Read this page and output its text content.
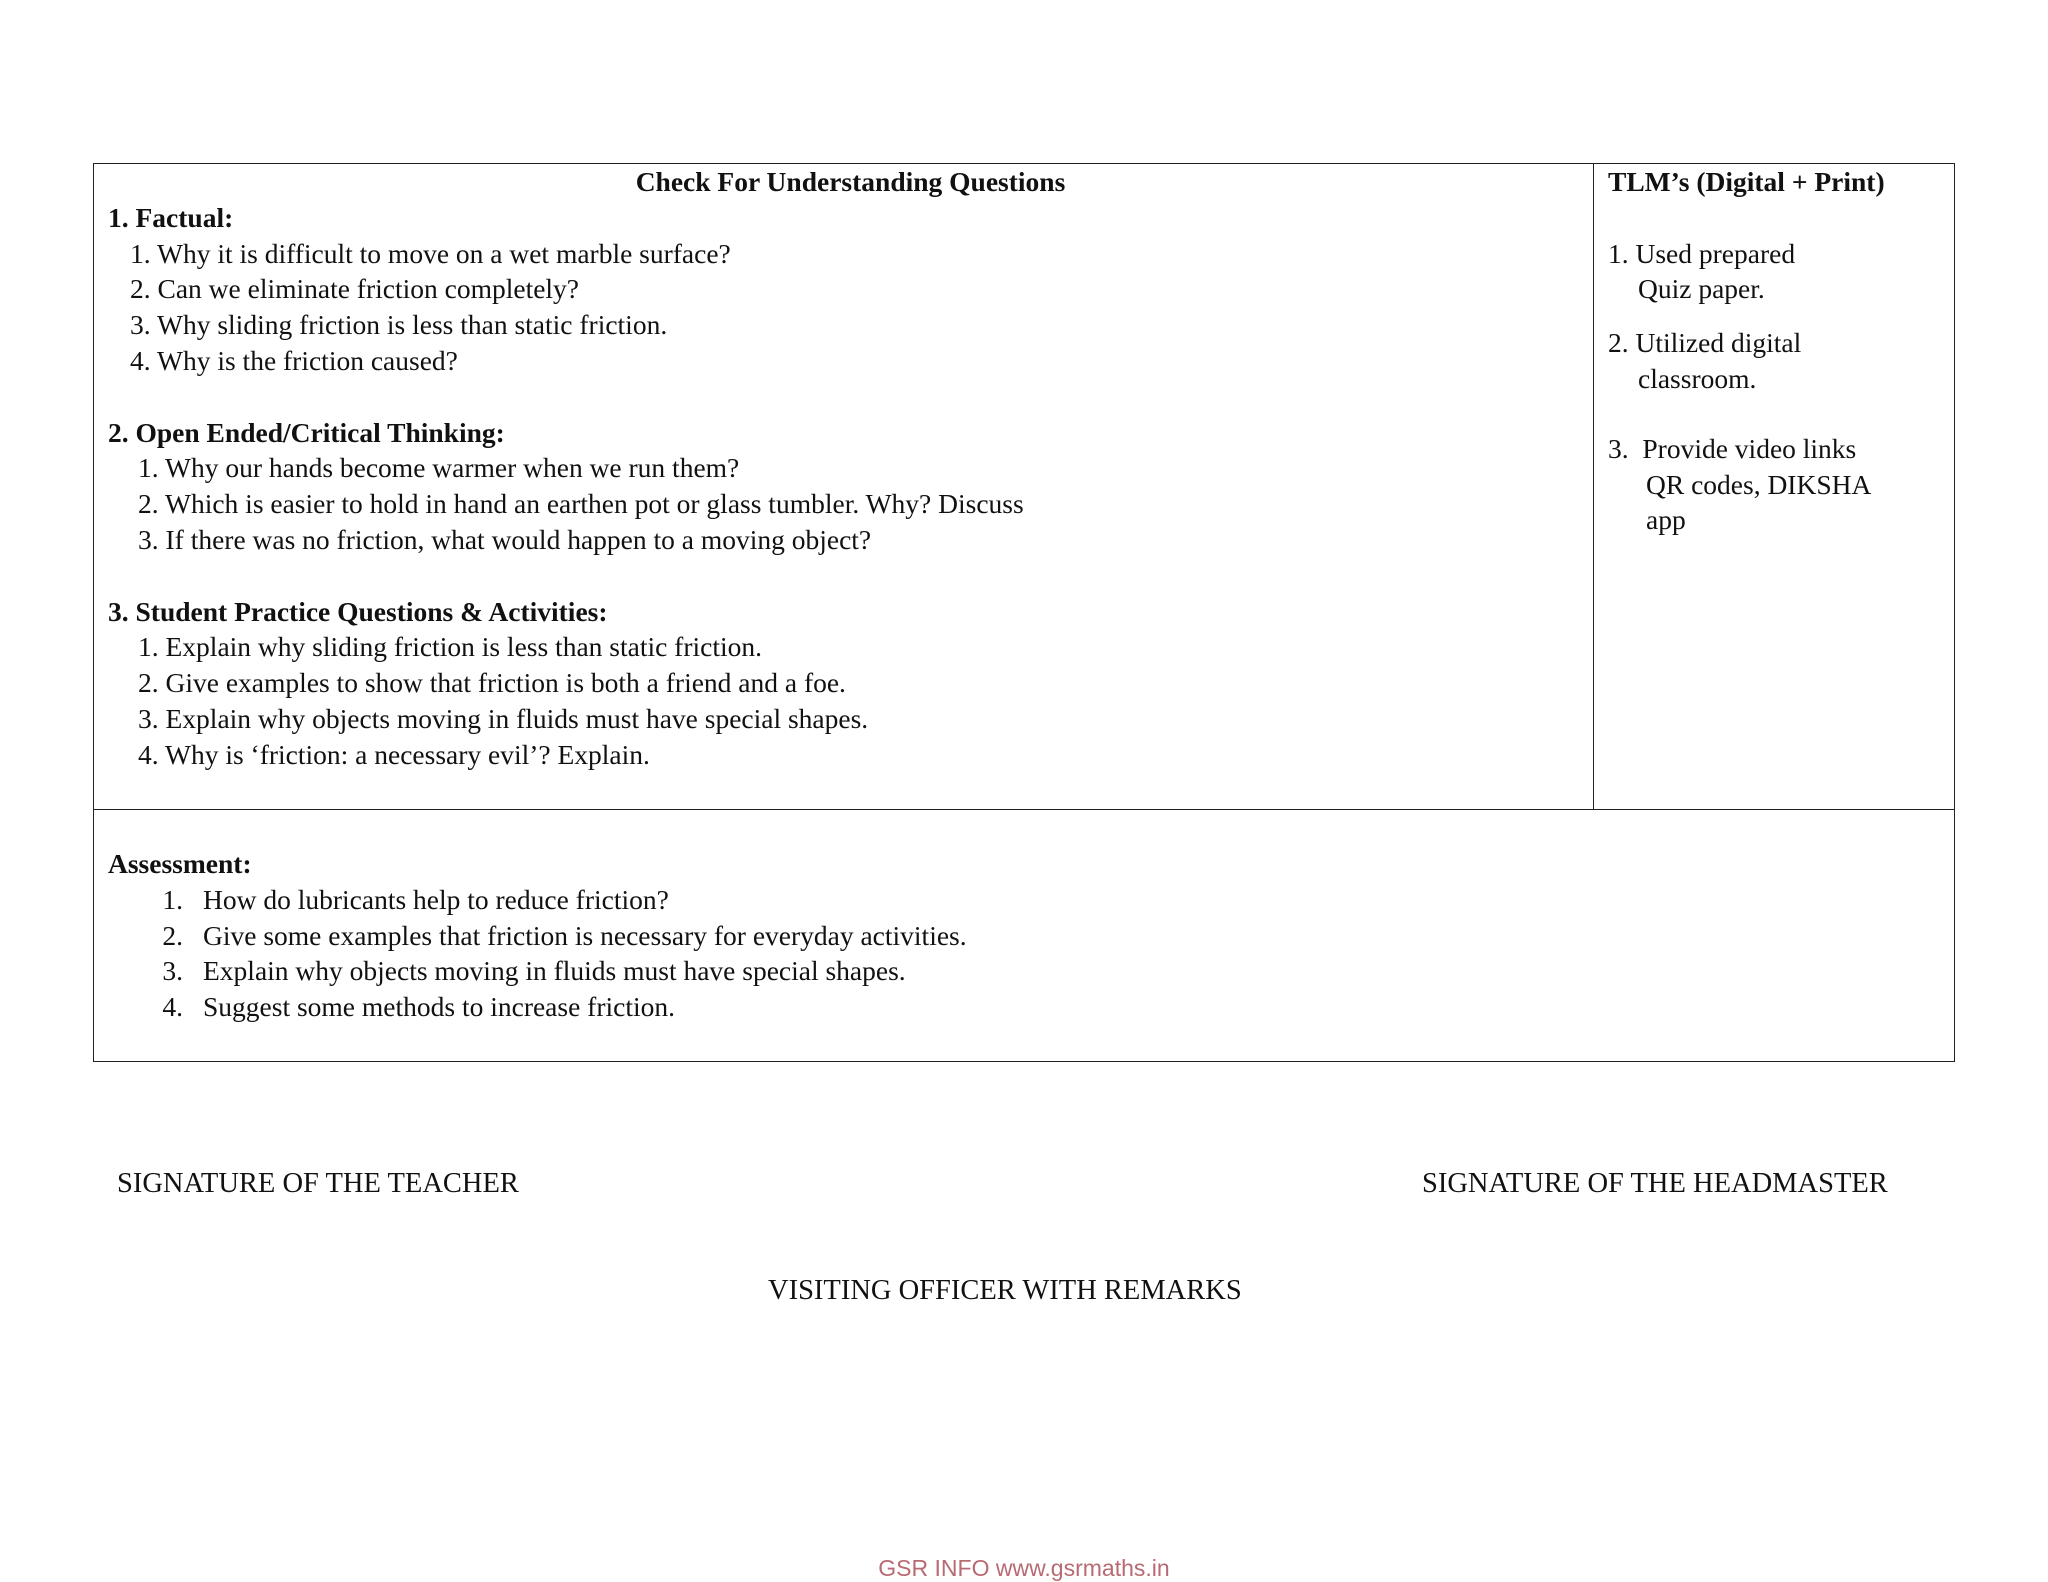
Check For Understanding Questions
1. Factual:
1. Why it is difficult to move on a wet marble surface?
2. Can we eliminate friction completely?
3. Why sliding friction is less than static friction.
4. Why is the friction caused?
2. Open Ended/Critical Thinking:
1. Why our hands become warmer when we run them?
2. Which is easier to hold in hand an earthen pot or glass tumbler. Why? Discuss
3. If there was no friction, what would happen to a moving object?
3. Student Practice Questions & Activities:
1. Explain why sliding friction is less than static friction.
2. Give examples to show that friction is both a friend and a foe.
3. Explain why objects moving in fluids must have special shapes.
4. Why is ‘friction: a necessary evil’? Explain.

TLM’s (Digital + Print)
1. Used prepared
Quiz paper.
2. Utilized digital
classroom.
3.  Provide video links
QR codes, DIKSHA
app

Assessment:
1. How do lubricants help to reduce friction?
2. Give some examples that friction is necessary for everyday activities.
3. Explain why objects moving in fluids must have special shapes.
4. Suggest some methods to increase friction.
SIGNATURE OF THE TEACHER	SIGNATURE OF THE HEADMASTER
VISITING OFFICER WITH REMARKS
GSR INFO www.gsrmaths.in
